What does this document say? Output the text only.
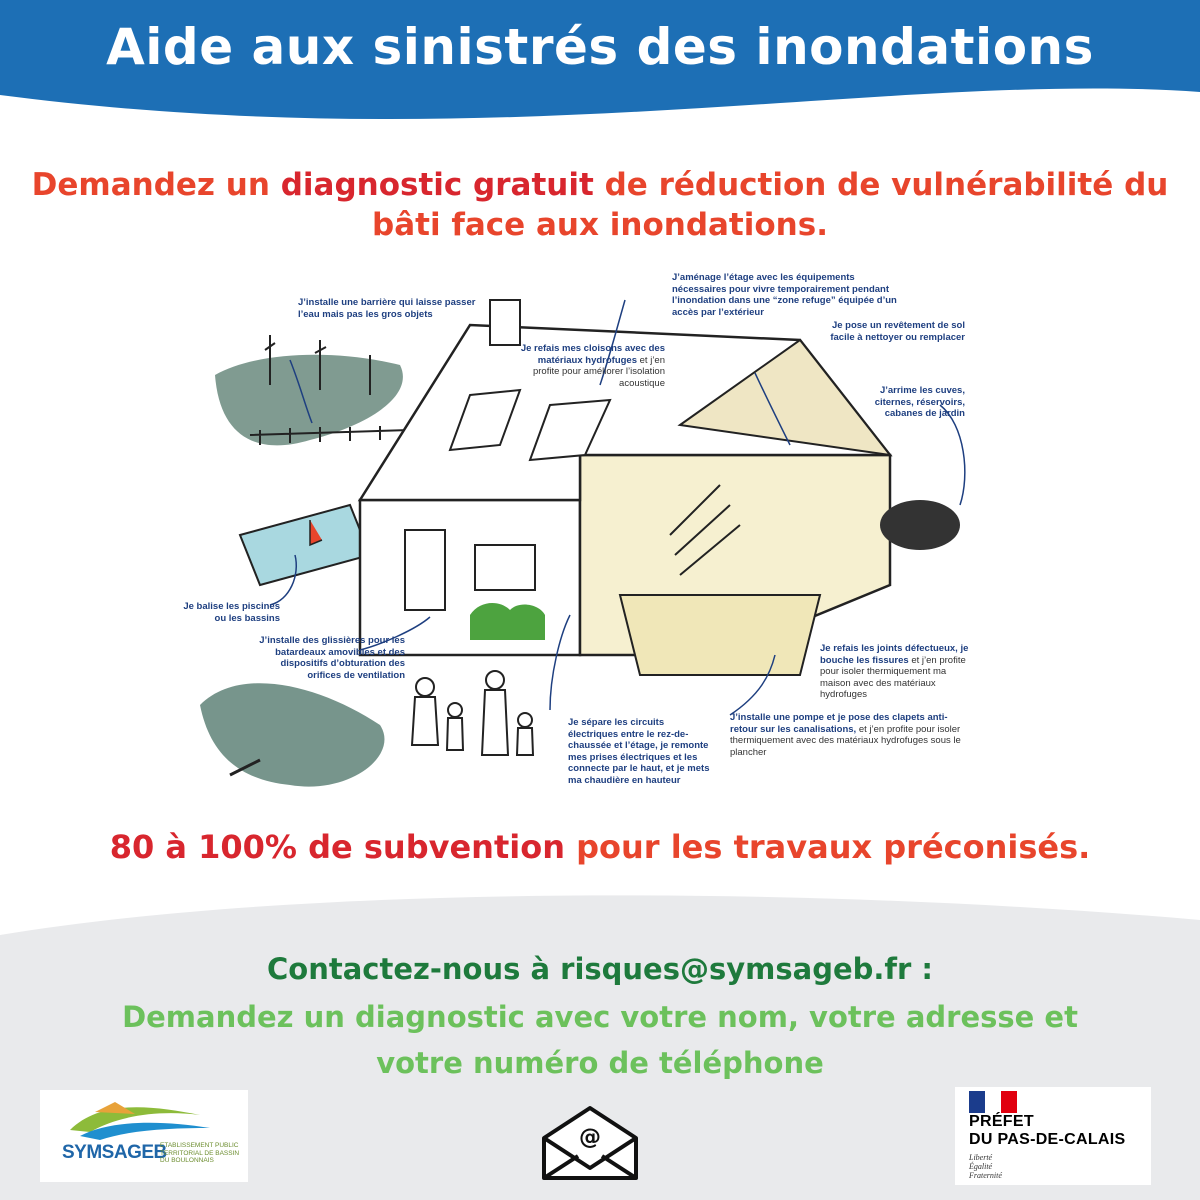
Aide aux sinistrés des inondations
Demandez un diagnostic gratuit de réduction de vulnérabilité du bâti face aux inondations.
J’installe une barrière qui laisse passer l’eau mais pas les gros objets
Je refais mes cloisons avec des matériaux hydrofuges et j’en profite pour améliorer l’isolation acoustique
J’aménage l’étage avec les équipements nécessaires pour vivre temporairement pendant l’inondation dans une “zone refuge” équipée d’un accès par l’extérieur
Je pose un revêtement de sol facile à nettoyer ou remplacer
J’arrime les cuves, citernes, réservoirs, cabanes de jardin
Je balise les piscines ou les bassins
J’installe des glissières pour les batardeaux amovibles et des dispositifs d’obturation des orifices de ventilation
Je refais les joints défectueux, je bouche les fissures et j’en profite pour isoler thermiquement ma maison avec des matériaux hydrofuges
J’installe une pompe et je pose des clapets anti-retour sur les canalisations, et j’en profite pour isoler thermiquement avec des matériaux hydrofuges sous le plancher
Je sépare les circuits électriques entre le rez-de-chaussée et l’étage, je remonte mes prises électriques et les connecte par le haut, et je mets ma chaudière en hauteur
80 à 100% de subvention pour les travaux préconisés.
Contactez-nous à risques@symsageb.fr :
Demandez un diagnostic avec votre nom, votre adresse et votre numéro de téléphone
SYMSAGEB
ETABLISSEMENT PUBLIC TERRITORIAL DE BASSIN DU BOULONNAIS
@
PRÉFET
DU PAS-DE-CALAIS
Liberté
Égalité
Fraternité
